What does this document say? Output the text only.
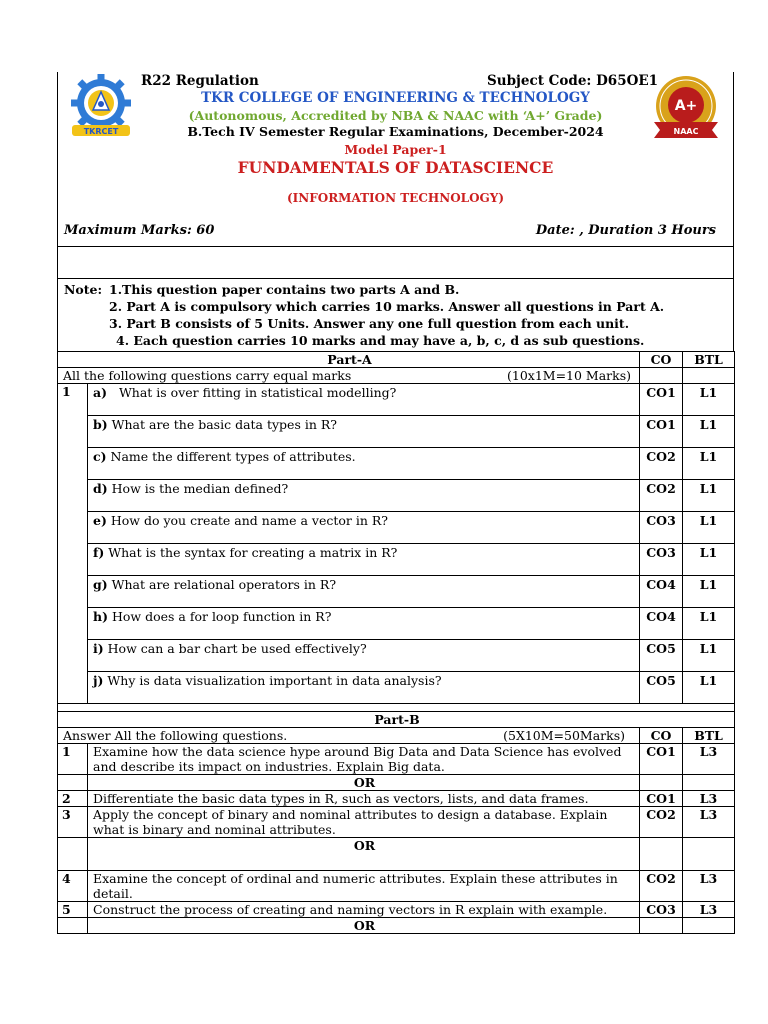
TKRCET
A+
NAAC
R22 Regulation	Subject Code: D65OE1
TKR COLLEGE OF ENGINEERING & TECHNOLOGY
(Autonomous, Accredited by NBA & NAAC with ‘A+’ Grade)
B.Tech IV Semester Regular Examinations, December-2024
Model Paper-1
FUNDAMENTALS OF DATASCIENCE
(INFORMATION TECHNOLOGY)
Maximum Marks: 60	Date: , Duration 3 Hours
Note: 1.This question paper contains two parts A and B.
2. Part A is compulsory which carries 10 marks. Answer all questions in Part A.
3. Part B consists of 5 Units. Answer any one full question from each unit.
4. Each question carries 10 marks and may have a, b, c, d as sub questions.
Part-A		CO	BTL

All the following questions carry equal marks (10x1M=10 Marks)			

1	a) What is over fitting in statistical modelling?	CO1	L1
	b) What are the basic data types in R?	CO1	L1
	c) Name the different types of attributes.	CO2	L1
	d) How is the median defined?	CO2	L1
	e) How do you create and name a vector in R?	CO3	L1
	f) What is the syntax for creating a matrix in R?	CO3	L1
	g) What are relational operators in R?	CO4	L1
	h) How does a for loop function in R?	CO4	L1
	i) How can a bar chart be used effectively?	CO5	L1
	j) Why is data visualization important in data analysis?	CO5	L1

Part-B			

Answer All the following questions. (5X10M=50Marks)		CO	BTL
1	Examine how the data science hype around Big Data and Data Science has evolved and describe its impact on industries. Explain Big data.	CO1	L3
	OR		
2	Differentiate the basic data types in R, such as vectors, lists, and data frames.	CO1	L3
3	Apply the concept of binary and nominal attributes to design a database. Explain what is binary and nominal attributes.	CO2	L3
	OR		
4	Examine the concept of ordinal and numeric attributes. Explain these attributes in detail.	CO2	L3
5	Construct the process of creating and naming vectors in R explain with example.	CO3	L3
	OR		
